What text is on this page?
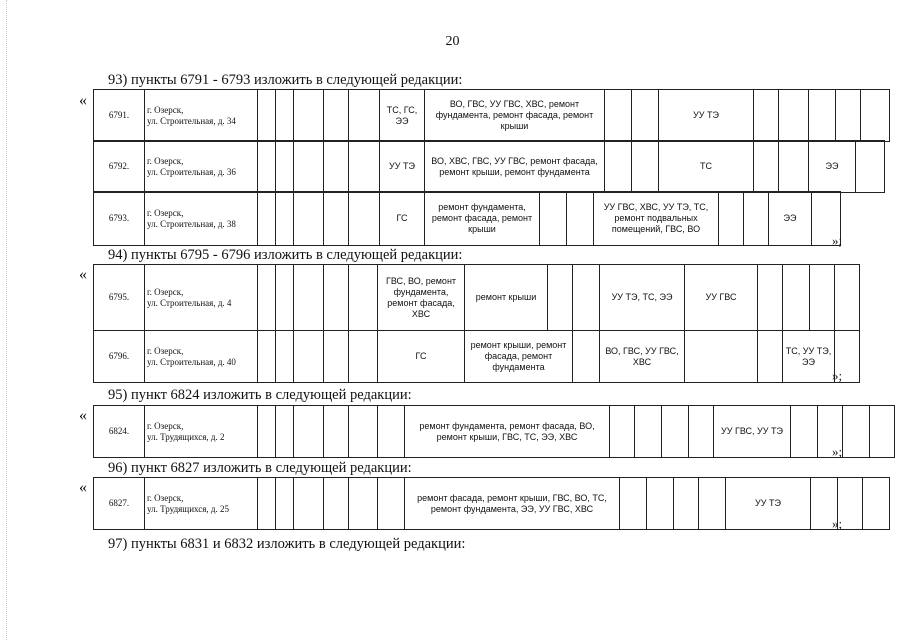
20
93) пункты 6791 - 6793 изложить в следующей редакции:
«
6791.	г. Озерск,
ул. Строительная, д. 34						ТС, ГС, ЭЭ	ВО, ГВС, УУ ГВС, ХВС, ремонт фундамента, ремонт фасада, ремонт крыши			УУ ТЭ					
6792.	г. Озерск,
ул. Строительная, д. 36						УУ ТЭ	ВО, ХВС, ГВС, УУ ГВС, ремонт фасада, ремонт крыши, ремонт фундамента			ТС			ЭЭ	
6793.	г. Озерск,
ул. Строительная, д. 38						ГС	ремонт фундамента, ремонт фасада, ремонт крыши			УУ ГВС, ХВС, УУ ТЭ, ТС, ремонт подвальных помещений, ГВС, ВО			ЭЭ	
»;
94) пункты 6795 - 6796 изложить в следующей редакции:
«
6795.	г. Озерск,
ул. Строительная, д. 4						ГВС, ВО, ремонт фундамента, ремонт фасада, ХВС	ремонт крыши			УУ ТЭ, ТС, ЭЭ	УУ ГВС				
6796.	г. Озерск,
ул. Строительная, д. 40						ГС	ремонт крыши, ремонт фасада, ремонт фундамента			ВО, ГВС, УУ ГВС, ХВС			ТС, УУ ТЭ, ЭЭ		
»;
95) пункт 6824 изложить в следующей редакции:
«
6824.	г. Озерск,
ул. Трудящихся, д. 2							ремонт фундамента, ремонт фасада, ВО, ремонт крыши, ГВС, ТС, ЭЭ, ХВС					УУ ГВС, УУ ТЭ				
»;
96) пункт 6827 изложить в следующей редакции:
«
6827.	г. Озерск,
ул. Трудящихся, д. 25							ремонт фасада, ремонт крыши, ГВС, ВО, ТС, ремонт фундамента, ЭЭ, УУ ГВС, ХВС					УУ ТЭ			
»;
97) пункты 6831 и 6832 изложить в следующей редакции:
